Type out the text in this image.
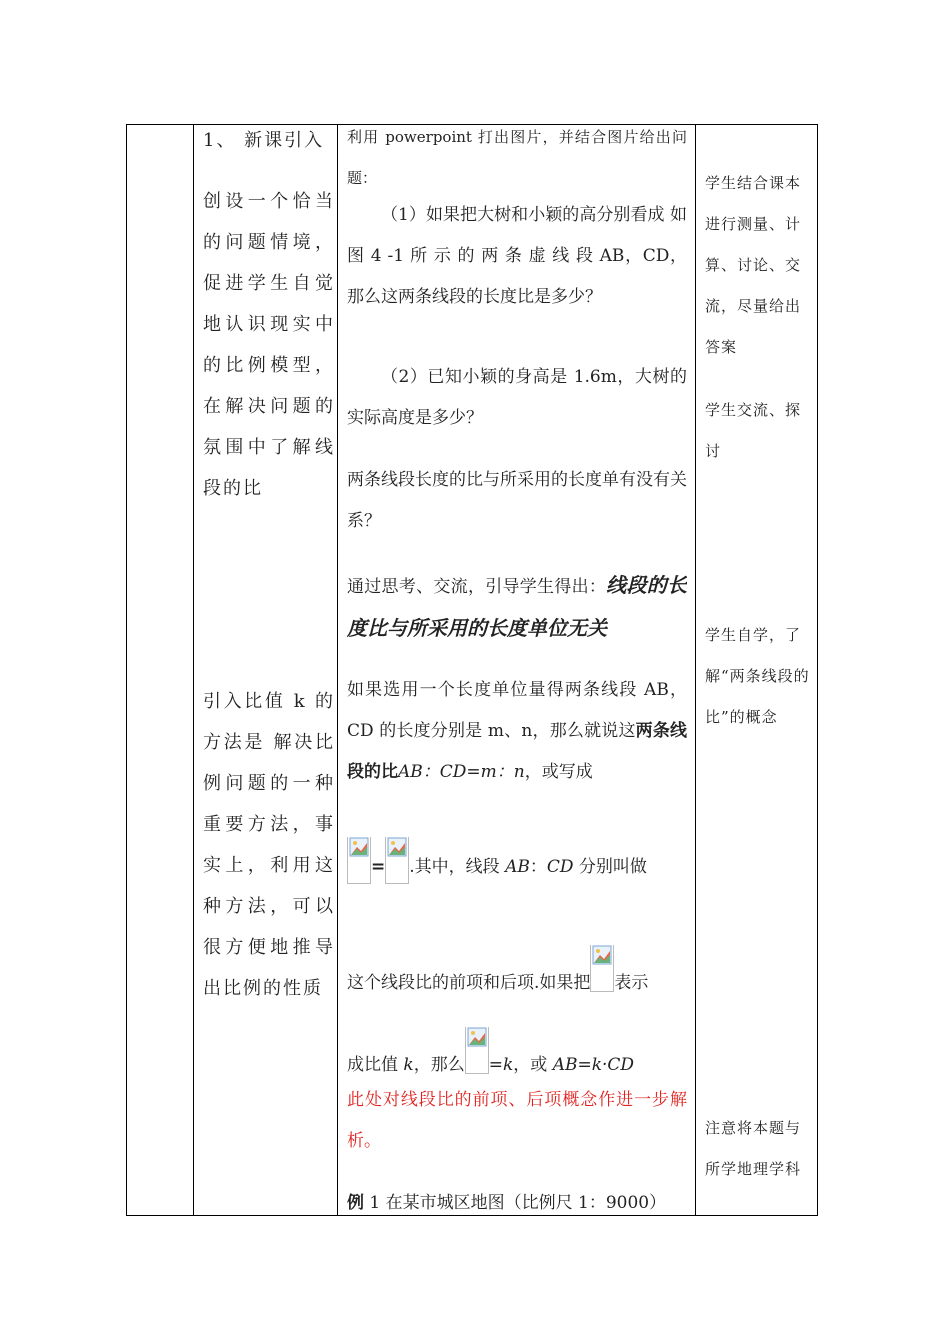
1、 新课引入
创设一个恰当的问题情境，促进学生自觉地认识现实中的比例模型，在解决问题的氛围中了解线段的比
引入比值 k 的方法是 解决比例问题的一种重要方法，事实上，利用这种方法，可以很方便地推导出比例的性质
利用 powerpoint 打出图片，并结合图片给出问题：
（1）如果把大树和小颖的高分别看成 如 图 4 -1 所 示 的 两 条 虚 线 段 AB，CD，那么这两条线段的长度比是多少？
（2）已知小颖的身高是 1.6m，大树的实际高度是多少？
两条线段长度的比与所采用的长度单有没有关系？
通过思考、交流，引导学生得出：线段的长度比与所采用的长度单位无关
如果选用一个长度单位量得两条线段 AB，CD 的长度分别是 m、n，那么就说这两条线段的比AB：CD=m：n，或写成
= .其中，线段 AB：CD 分别叫做
这个线段比的前项和后项.如果把 表示
成比值 k，那么 =k，或 AB=k·CD
此处对线段比的前项、后项概念作进一步解析。
例 1 在某市城区地图（比例尺 1：9000）
学生结合课本进行测量、计算、讨论、交流，尽量给出答案
学生交流、探讨
学生自学，了解“两条线段的比”的概念
注意将本题与所学地理学科
